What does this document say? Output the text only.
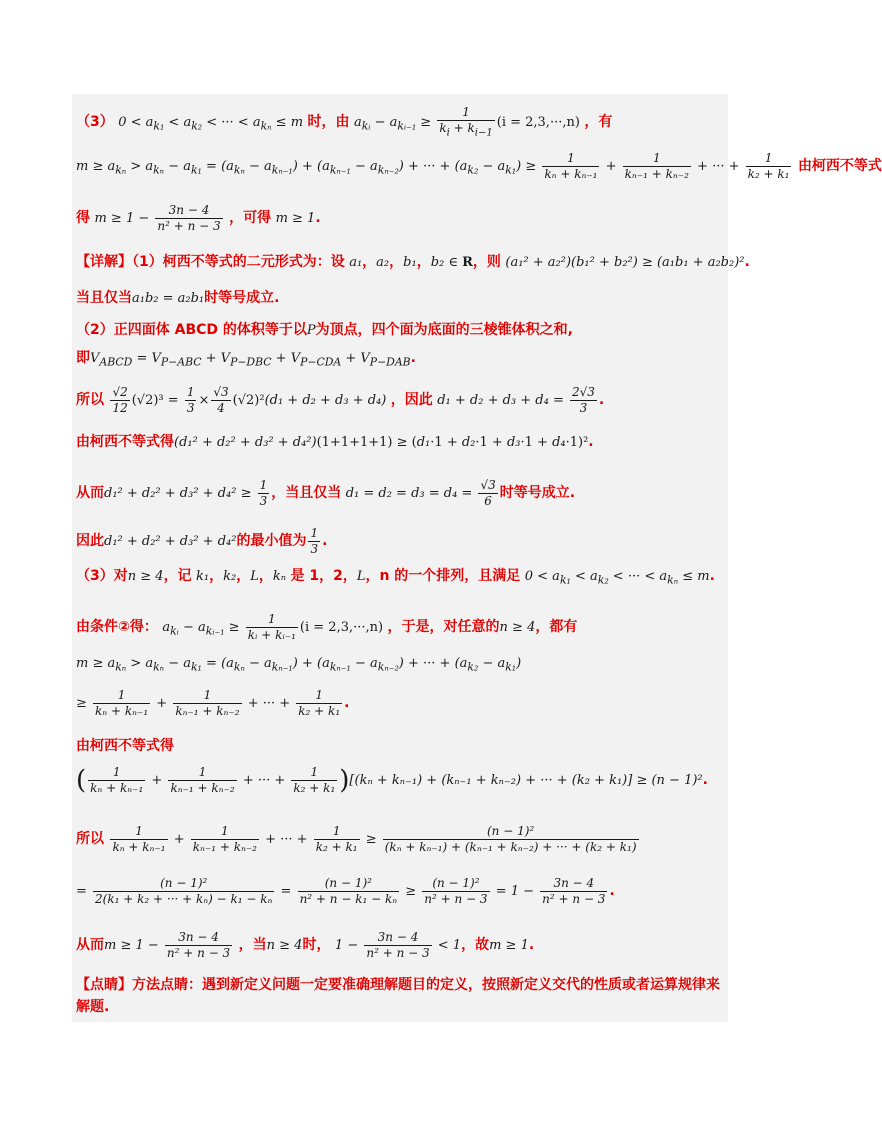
（3） $0 < a_{k_1} < a_{k_2}$ < ··· < $a_{k_n} \le m$ 时，由 $a_{kᵢ} - a_{kᵢ_{-1}} \ge \frac{1}{k_i + k_{i-1}} (i = 2,3,\cdot\cdot\cdot,n)$ ，有
$m \ge a_{k_n} > a_{k_n} - a_{k_1} = (a_{k_n} - a_{k_{n-1}}) + (a_{k_{n-1}} - a_{k_{n-2}})$ + ··· + $(a_{k_2} - a_{k_1}) \ge \frac{1}{\text{kₙ + kₙ₋₁}} + \frac{1}{\text{kₙ₋₁ + kₙ₋₂}}$ + ··· + $\frac{1}{\text{k₂ + k₁}}$ 由柯西不等式
得 $m \ge 1 - \frac{3n - 4}{\text{n² + n − 3}}$ ，可得 m ≥ 1.
【详解】（1）柯西不等式的二元形式为：设 a₁，a₂，b₁，b₂ ∈ R，则 (a₁² + a₂²)(b₁² + b₂²) ≥ (a₁b₁ + a₂b₂)².
当且仅当a₁b₂ = a₂b₁时等号成立.
（2）正四面体 ABCD 的体积等于以P为顶点，四个面为底面的三棱锥体积之和,
即$V_{ABCD} = V_{P-ABC} + V_{P-DBC} + V_{P-CDA} + V_{P-DAB}$.
所以 $\frac{√2}{12} (√2)^3 = \frac{1}{3} \times \frac{√3}{4} (√2)^2(d_1 + d_2 + d_3 + d_4)$ ，因此 $d_1 + d_2 + d_3 + d_4 = \frac{2√3}{3}$ .
由柯西不等式得(d₁² + d₂² + d₃² + d₄²)(1+1+1+1) ≥ (d₁·1 + d₂·1 + d₃·1 + d₄·1)².
从而$d_1^2 + d_2^2 + d_3^2 + d_4^2 \ge \frac{1}{3}$ ，当且仅当 $d_1 = d_2 = d_3 = d_4 = \frac{√3}{6}$ 时等号成立.
因此d₁² + d₂² + d₃² + d₄²的最小值为 $\frac{1}{3}$ .
（3）对n ≥ 4，记 k₁，k₂，L，kₙ 是 1，2，L，n 的一个排列，且满足 $0 < a_{k_1} < a_{k_2}$ < ··· < $a_{k_n} \le m$.
由条件②得： $a_{kᵢ} - a_{kᵢ_{-1}} \ge \frac{1}{\text{kᵢ + kᵢ₋₁}} (i = 2,3,\cdot\cdot\cdot,n)$ ，于是，对任意的n ≥ 4，都有
$m \ge a_{k_n} > a_{k_n} - a_{k_1} = (a_{k_n} - a_{k_{n-1}}) + (a_{k_{n-1}} - a_{k_{n-2}})$ + ··· + $(a_{k_2} - a_{k_1})$
≥ $\frac{1}{\text{kₙ + kₙ₋₁}} + \frac{1}{\text{kₙ₋₁ + kₙ₋₂}}$ + ··· + $\frac{1}{\text{k₂ + k₁}}$ .
由柯西不等式得
( $\frac{1}{\text{kₙ + kₙ₋₁}} + \frac{1}{\text{kₙ₋₁ + kₙ₋₂}}$ + ··· + $\frac{1}{\text{k₂ + k₁}} )[(k_n + k_{n-1}) + (k_{n-1} + k_{n-2})$ + ··· + (k₂ + k₁)] ≥ (n − 1)².
所以 $\frac{1}{\text{kₙ + kₙ₋₁}} + \frac{1}{\text{kₙ₋₁ + kₙ₋₂}}$ + ··· + $\frac{1}{\text{k₂ + k₁}} \ge \frac{\text{(n − 1)²}}{\text{(kₙ + kₙ₋₁) + (kₙ₋₁ + kₙ₋₂) + ··· + (k₂ + k₁)}}$
= $\frac{\text{(n − 1)²}}{\text{2(k₁ + k₂ + ··· + kₙ) − k₁ − kₙ}} = \frac{\text{(n − 1)²}}{\text{n² + n − k₁ − kₙ}} \ge \frac{\text{(n − 1)²}}{\text{n² + n − 3}} = 1 - \frac{3n - 4}{\text{n² + n − 3}}$ .
从而$m \ge 1 - \frac{3n - 4}{\text{n² + n − 3}}$ ，当n ≥ 4时， $1 - \frac{3n - 4}{\text{n² + n − 3}} < 1$，故m ≥ 1.
【点睛】方法点睛：遇到新定义问题一定要准确理解题目的定义，按照新定义交代的性质或者运算规律来解题.
